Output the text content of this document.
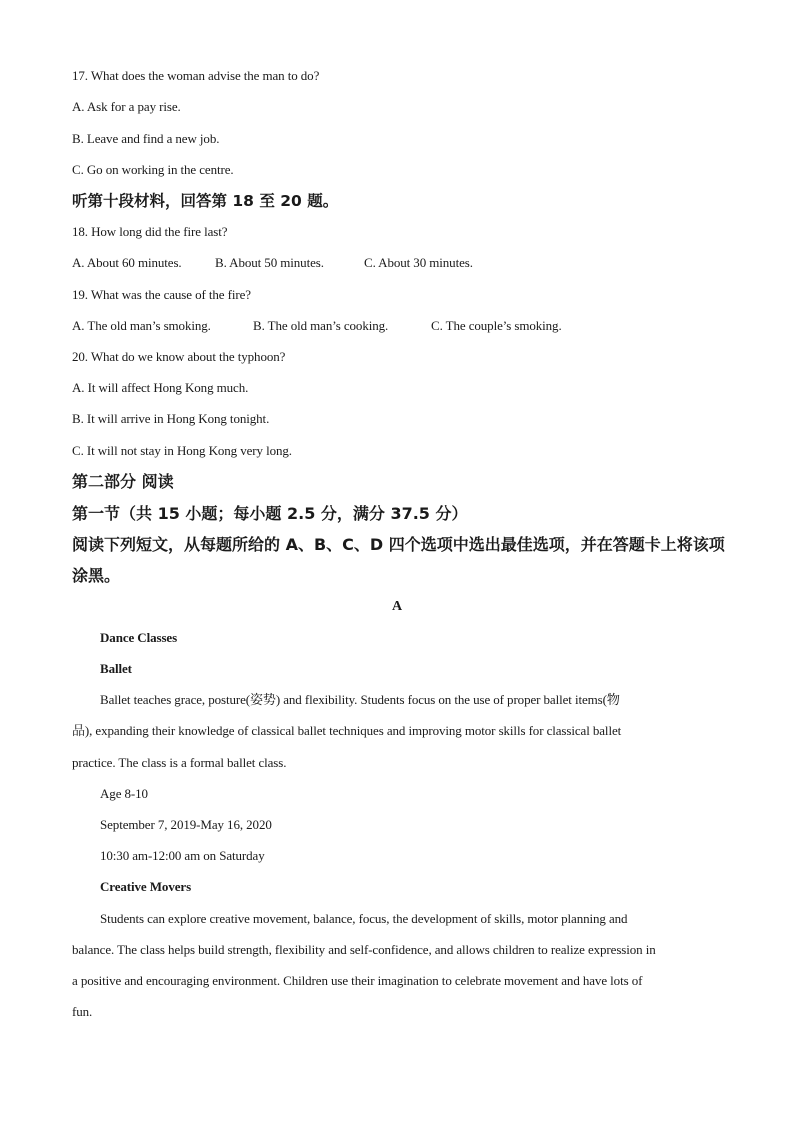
17. What does the woman advise the man to do?
A. Ask for a pay rise.
B. Leave and find a new job.
C. Go on working in the centre.
听第十段材料，回答第 18 至 20 题。
18. How long did the fire last?
A. About 60 minutes.	B. About 50 minutes.	C. About 30 minutes.
19. What was the cause of the fire?
A. The old man’s smoking.	B. The old man’s cooking.	C. The couple’s smoking.
20. What do we know about the typhoon?
A. It will affect Hong Kong much.
B. It will arrive in Hong Kong tonight.
C. It will not stay in Hong Kong very long.
第二部分 阅读
第一节（共 15 小题；每小题 2.5 分，满分 37.5 分）
阅读下列短文，从每题所给的 A、B、C、D 四个选项中选出最佳选项，并在答题卡上将该项
涂黑。
A
Dance Classes
Ballet
Ballet teaches grace, posture(姿势) and flexibility. Students focus on the use of proper ballet items(物
品), expanding their knowledge of classical ballet techniques and improving motor skills for classical ballet
practice. The class is a formal ballet class.
Age 8-10
September 7, 2019-May 16, 2020
10:30 am-12:00 am on Saturday
Creative Movers
Students can explore creative movement, balance, focus, the development of skills, motor planning and
balance. The class helps build strength, flexibility and self-confidence, and allows children to realize expression in
a positive and encouraging environment. Children use their imagination to celebrate movement and have lots of
fun.
